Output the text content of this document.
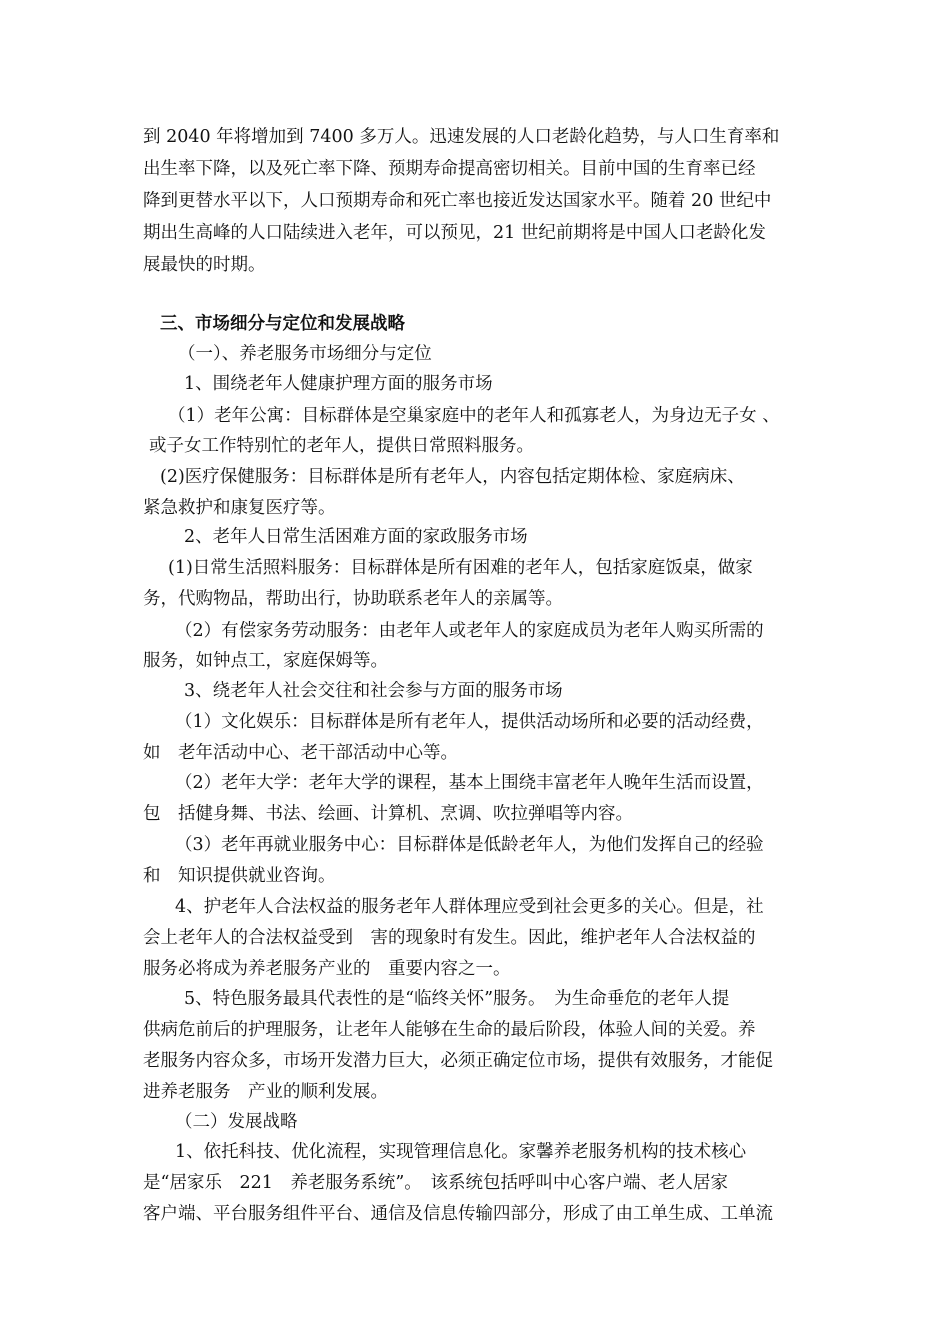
到 2040 年将增加到 7400 多万人。迅速发展的人口老龄化趋势，与人口生育率和
出生率下降，以及死亡率下降、预期寿命提高密切相关。目前中国的生育率已经
降到更替水平以下，人口预期寿命和死亡率也接近发达国家水平。随着 20 世纪中
期出生高峰的人口陆续进入老年，可以预见，21 世纪前期将是中国人口老龄化发
展最快的时期。
三、市场细分与定位和发展战略
（一）、养老服务市场细分与定位
1、围绕老年人健康护理方面的服务市场
（1）老年公寓：目标群体是空巢家庭中的老年人和孤寡老人，为身边无子女 、
或子女工作特别忙的老年人，提供日常照料服务。
(2)医疗保健服务：目标群体是所有老年人，内容包括定期体检、家庭病床、
紧急救护和康复医疗等。
2、老年人日常生活困难方面的家政服务市场
(1)日常生活照料服务：目标群体是所有困难的老年人，包括家庭饭桌，做家
务，代购物品，帮助出行，协助联系老年人的亲属等。
（2）有偿家务劳动服务：由老年人或老年人的家庭成员为老年人购买所需的
服务，如钟点工，家庭保姆等。
3、绕老年人社会交往和社会参与方面的服务市场
（1）文化娱乐：目标群体是所有老年人，提供活动场所和必要的活动经费，
如　老年活动中心、老干部活动中心等。
（2）老年大学：老年大学的课程，基本上围绕丰富老年人晚年生活而设置，
包　括健身舞、书法、绘画、计算机、烹调、吹拉弹唱等内容。
（3）老年再就业服务中心：目标群体是低龄老年人，为他们发挥自己的经验
和　知识提供就业咨询。
4、护老年人合法权益的服务老年人群体理应受到社会更多的关心。但是，社
会上老年人的合法权益受到　害的现象时有发生。因此，维护老年人合法权益的
服务必将成为养老服务产业的　重要内容之一。
5、特色服务最具代表性的是“临终关怀”服务。　为生命垂危的老年人提
供病危前后的护理服务，让老年人能够在生命的最后阶段，体验人间的关爱。养
老服务内容众多，市场开发潜力巨大，必须正确定位市场，提供有效服务，才能促
进养老服务　产业的顺利发展。
（二）发展战略
1、依托科技、优化流程，实现管理信息化。家馨养老服务机构的技术核心
是“居家乐　221　养老服务系统”。　该系统包括呼叫中心客户端、老人居家
客户端、平台服务组件平台、通信及信息传输四部分，形成了由工单生成、工单流
